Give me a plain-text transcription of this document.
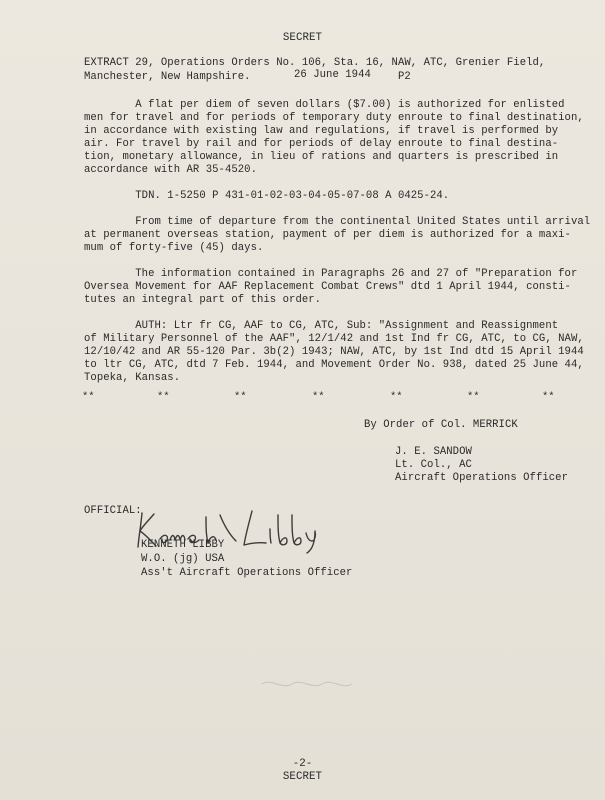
SECRET
EXTRACT 29, Operations Orders No. 106, Sta. 16, NAW, ATC, Grenier Field,
Manchester, New Hampshire.	26 June 1944	P2
A flat per diem of seven dollars ($7.00) is authorized for enlisted
men for travel and for periods of temporary duty enroute to final destination,
in accordance with existing law and regulations, if travel is performed by
air. For travel by rail and for periods of delay enroute to final destina-
tion, monetary allowance, in lieu of rations and quarters is prescribed in
accordance with AR 35-4520.
TDN. 1-5250 P 431-01-02-03-04-05-07-08 A 0425-24.
From time of departure from the continental United States until arrival
at permanent overseas station, payment of per diem is authorized for a maxi-
mum of forty-five (45) days.
The information contained in Paragraphs 26 and 27 of "Preparation for
Oversea Movement for AAF Replacement Combat Crews" dtd 1 April 1944, consti-
tutes an integral part of this order.
AUTH: Ltr fr CG, AAF to CG, ATC, Sub: "Assignment and Reassignment
of Military Personnel of the AAF", 12/1/42 and 1st Ind fr CG, ATC, to CG, NAW,
12/10/42 and AR 55-120 Par. 3b(2) 1943; NAW, ATC, by 1st Ind dtd 15 April 1944
to ltr CG, ATC, dtd 7 Feb. 1944, and Movement Order No. 938, dated 25 June 44,
Topeka, Kansas.
**	**	**	**	**	**	**
By Order of Col. MERRICK
J. E. SANDOW
Lt. Col., AC
Aircraft Operations Officer
OFFICIAL:
KENNETH LIBBY
W.O. (jg) USA
Ass't Aircraft Operations Officer
-2-
SECRET
